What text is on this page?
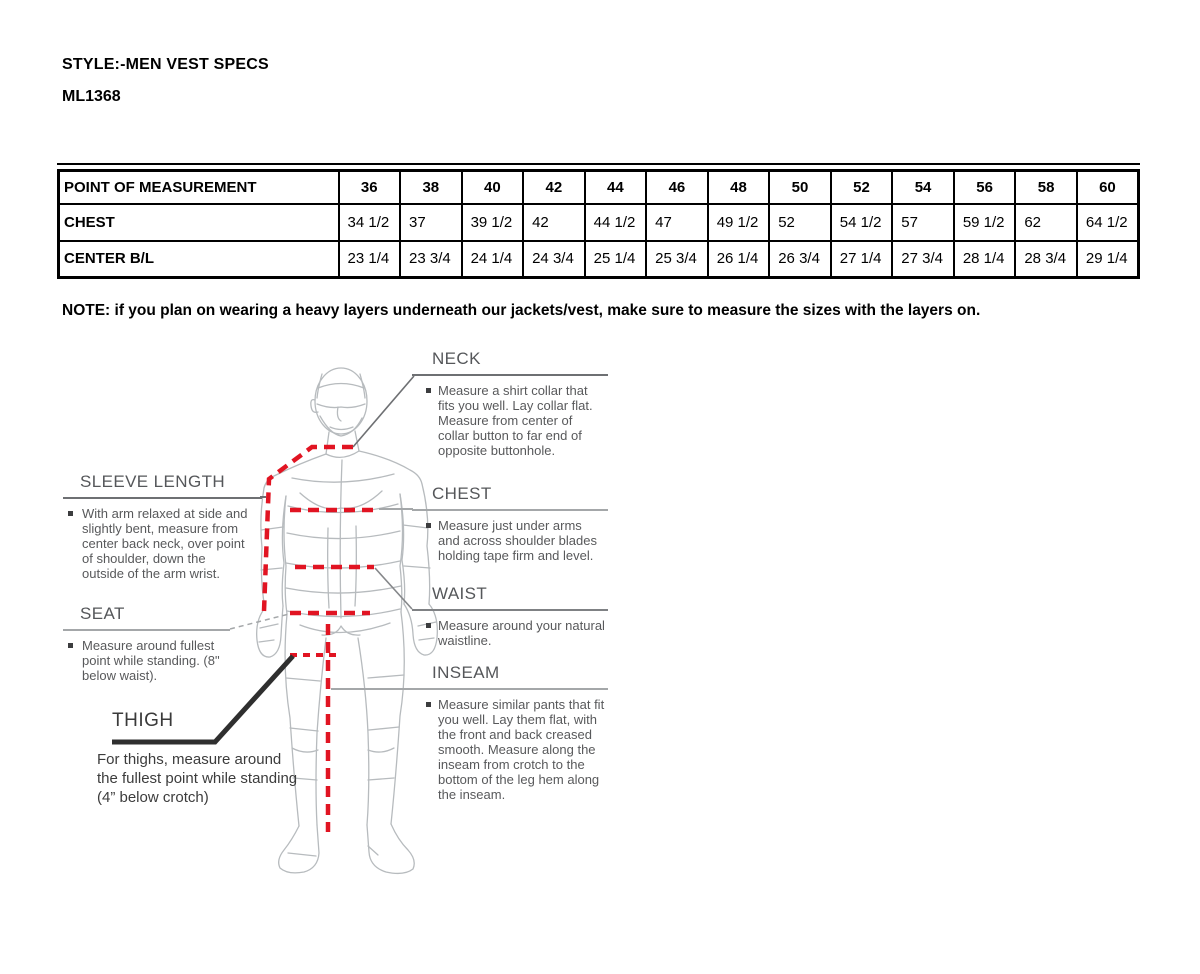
STYLE:-MEN VEST SPECS
ML1368
POINT OF MEASUREMENT	36	38	40	42	44	46	48	50	52	54	56	58	60
CHEST	34 1/2	37	39 1/2	42	44 1/2	47	49 1/2	52	54 1/2	57	59 1/2	62	64 1/2
CENTER B/L	23 1/4	23 3/4	24 1/4	24 3/4	25 1/4	25 3/4	26 1/4	26 3/4	27 1/4	27 3/4	28 1/4	28 3/4	29 1/4
NOTE: if you plan on wearing a heavy layers underneath our jackets/vest, make sure to measure the sizes with the layers on.
NECK
Measure a shirt collar that fits you well. Lay collar flat. Measure from center of collar button to far end of opposite buttonhole.
CHEST
Measure just under arms and across shoulder blades holding tape firm and level.
WAIST
Measure around your natural waistline.
INSEAM
Measure similar pants that fit you well. Lay them flat, with the front and back creased smooth. Measure along the inseam from crotch to the bottom of the leg hem along the inseam.
SLEEVE LENGTH
With arm relaxed at side and slightly bent, measure from center back neck, over point of shoulder, down the outside of the arm wrist.
SEAT
Measure around fullest point while standing. (8" below waist).
THIGH
For thighs, measure around the fullest point while standing (4” below crotch)
